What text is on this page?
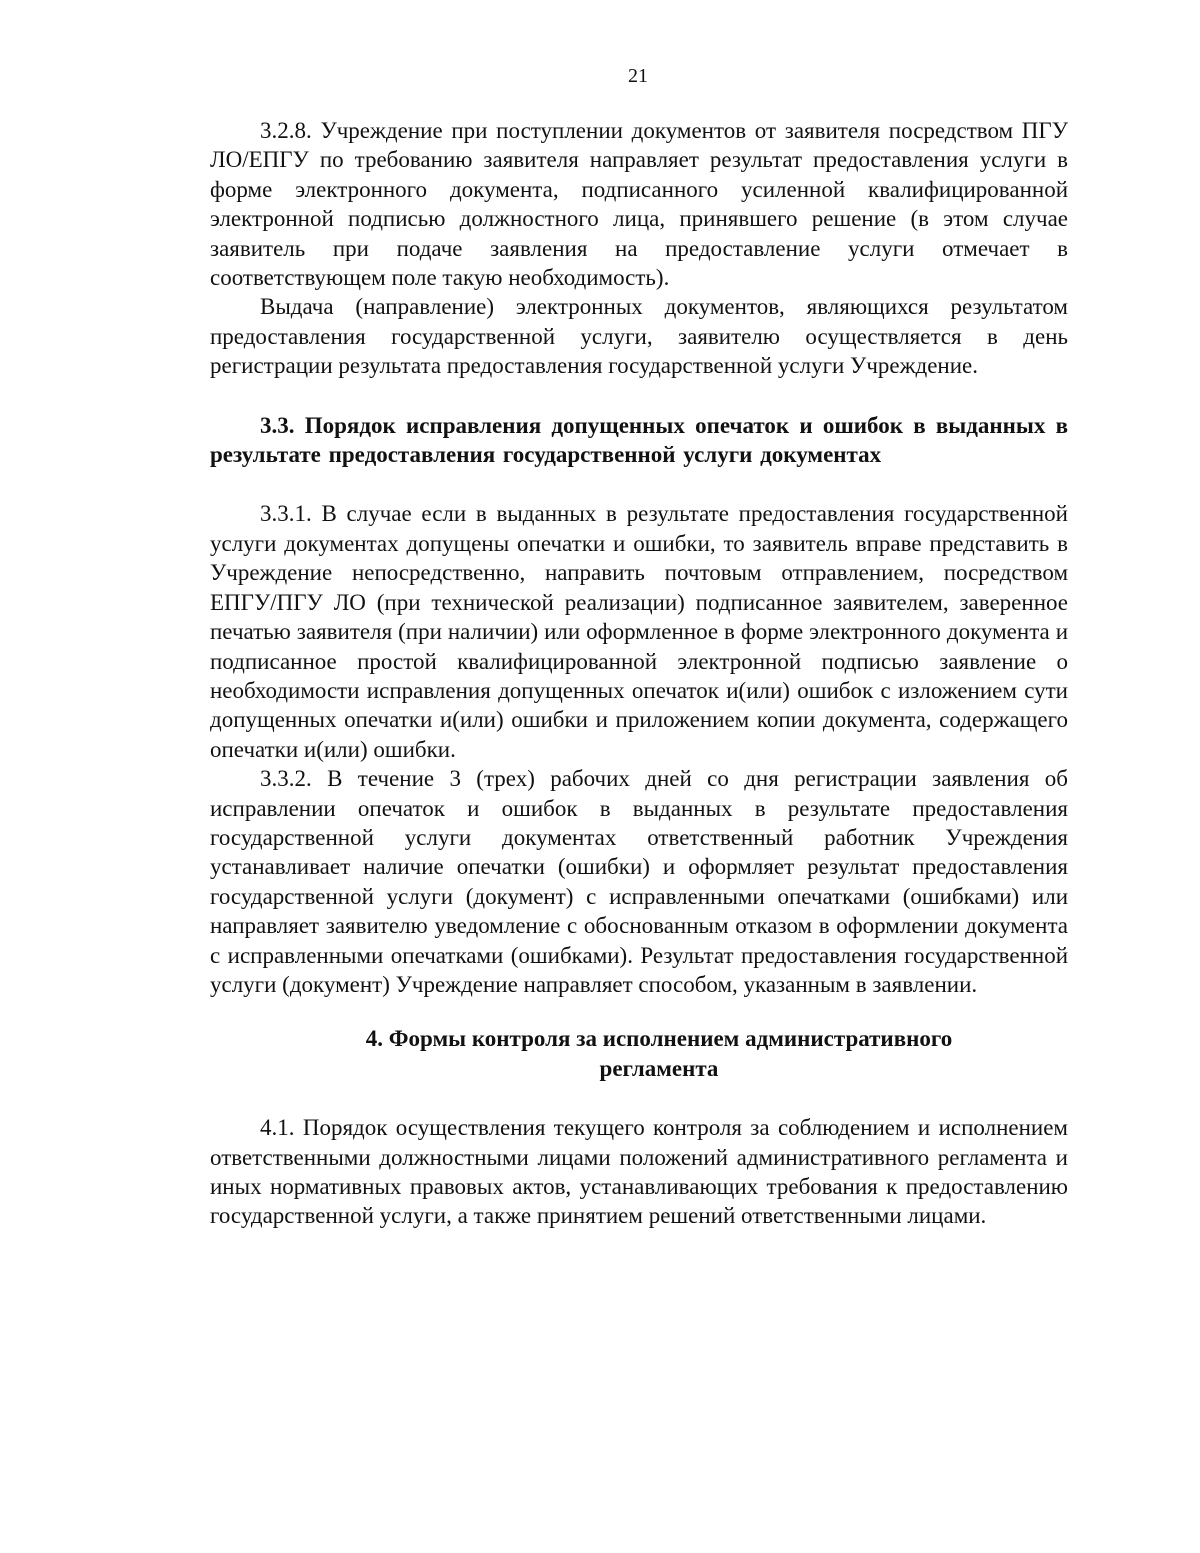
21

3.2.8. Учреждение при поступлении документов от заявителя посредством ПГУ ЛО/ЕПГУ по требованию заявителя направляет результат предоставления услуги в форме электронного документа, подписанного усиленной квалифицированной электронной подписью должностного лица, принявшего решение (в этом случае заявитель при подаче заявления на предоставление услуги отмечает в соответствующем поле такую необходимость).

Выдача (направление) электронных документов, являющихся результатом предоставления государственной услуги, заявителю осуществляется в день регистрации результата предоставления государственной услуги Учреждение.

3.3. Порядок исправления допущенных опечаток и ошибок в выданных в результате предоставления государственной услуги документах

3.3.1. В случае если в выданных в результате предоставления государственной услуги документах допущены опечатки и ошибки, то заявитель вправе представить в Учреждение непосредственно, направить почтовым отправлением, посредством ЕПГУ/ПГУ ЛО (при технической реализации) подписанное заявителем, заверенное печатью заявителя (при наличии) или оформленное в форме электронного документа и подписанное простой квалифицированной электронной подписью заявление о необходимости исправления допущенных опечаток и(или) ошибок с изложением сути допущенных опечатки и(или) ошибки и приложением копии документа, содержащего опечатки и(или) ошибки.

3.3.2. В течение 3 (трех) рабочих дней со дня регистрации заявления об исправлении опечаток и ошибок в выданных в результате предоставления государственной услуги документах ответственный работник Учреждения устанавливает наличие опечатки (ошибки) и оформляет результат предоставления государственной услуги (документ) с исправленными опечатками (ошибками) или направляет заявителю уведомление с обоснованным отказом в оформлении документа с исправленными опечатками (ошибками). Результат предоставления государственной услуги (документ) Учреждение направляет способом, указанным в заявлении.

4. Формы контроля за исполнением административного
регламента

4.1. Порядок осуществления текущего контроля за соблюдением и исполнением ответственными должностными лицами положений административного регламента и иных нормативных правовых актов, устанавливающих требования к предоставлению государственной услуги, а также принятием решений ответственными лицами.
